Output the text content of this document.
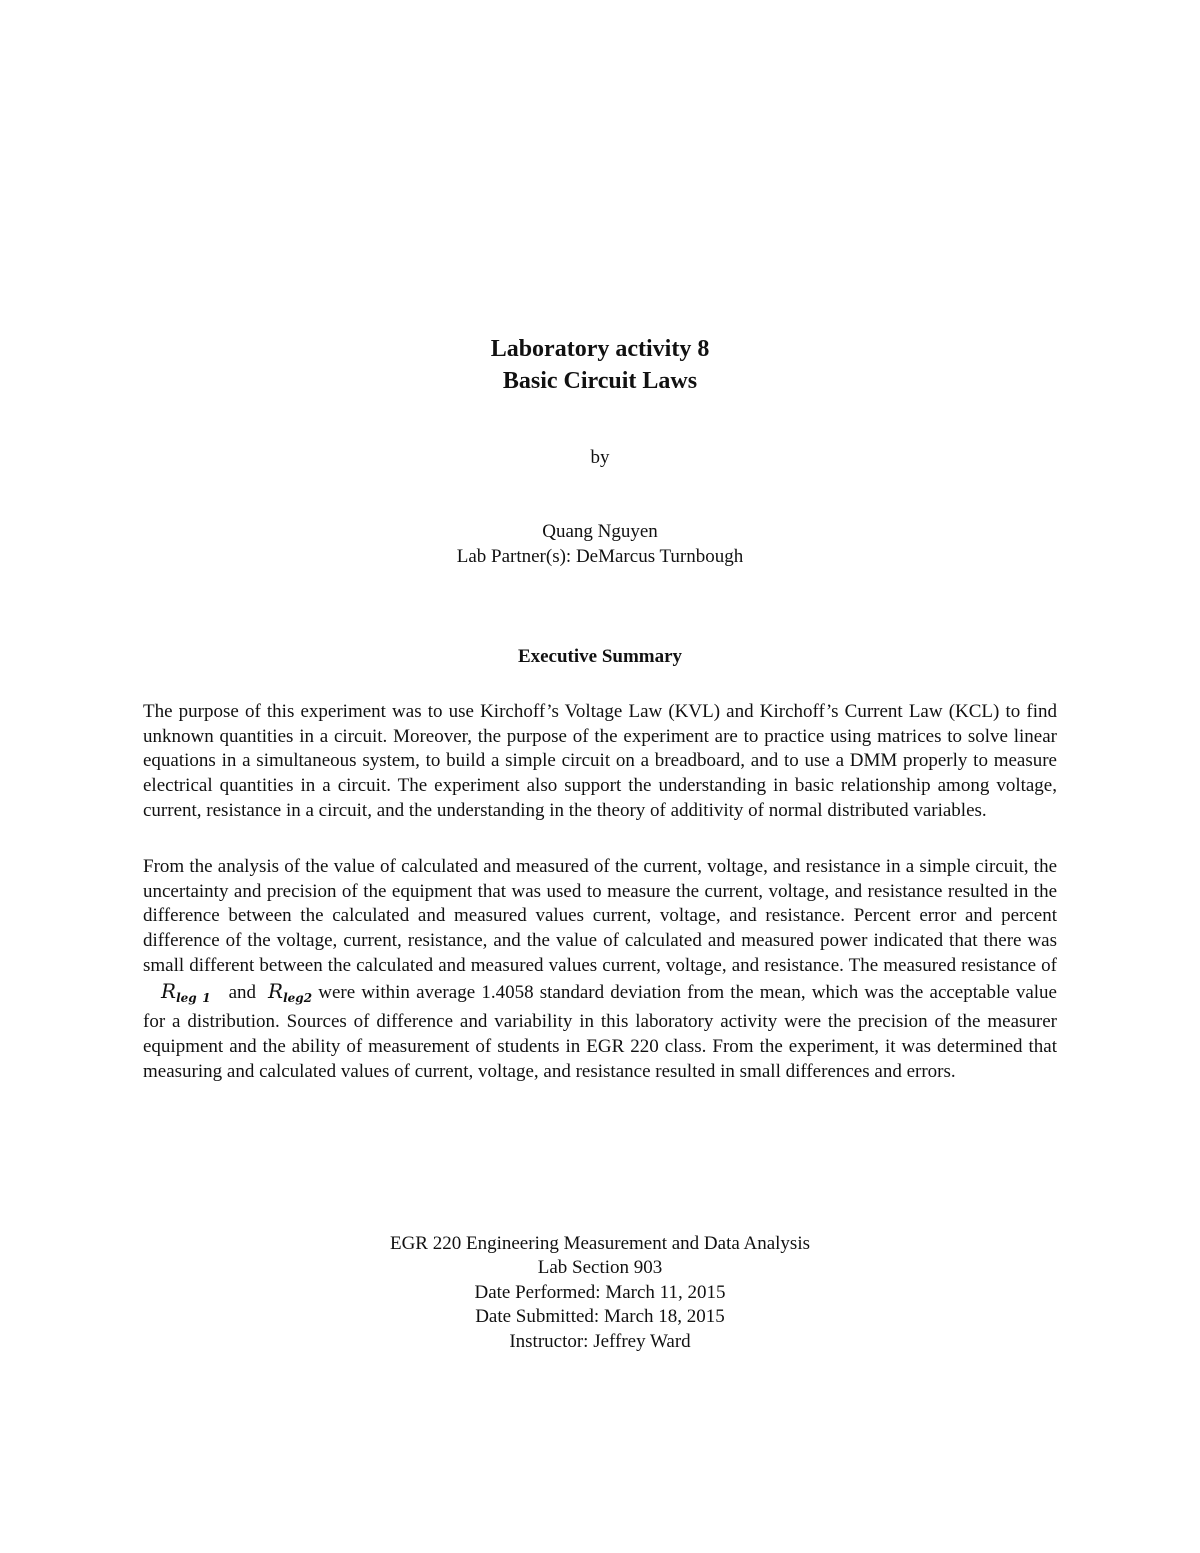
Laboratory activity 8
Basic Circuit Laws
by
Quang Nguyen
Lab Partner(s): DeMarcus Turnbough
Executive Summary

The purpose of this experiment was to use Kirchoff’s Voltage Law (KVL) and Kirchoff’s Current Law (KCL) to find unknown quantities in a circuit. Moreover, the purpose of the experiment are to practice using matrices to solve linear equations in a simultaneous system, to build a simple circuit on a breadboard, and to use a DMM properly to measure electrical quantities in a circuit. The experiment also support the understanding in basic relationship among voltage, current, resistance in a circuit, and the understanding in the theory of additivity of normal distributed variables.

From the analysis of the value of calculated and measured of the current, voltage, and resistance in a simple circuit, the uncertainty and precision of the equipment that was used to measure the current, voltage, and resistance resulted in the difference between the calculated and measured values current, voltage, and resistance. Percent error and percent difference of the voltage, current, resistance, and the value of calculated and measured power indicated that there was small different between the calculated and measured values current, voltage, and resistance. The measured resistance ofR$_{leg 1}$ and $R_{leg2}$ were within average 1.4058 standard deviation from the mean, which was the acceptable value for a distribution. Sources of difference and variability in this laboratory activity were the precision of the measurer equipment and the ability of measurement of students in EGR 220 class. From the experiment, it was determined that measuring and calculated values of current, voltage, and resistance resulted in small differences and errors.

EGR 220 Engineering Measurement and Data Analysis
Lab Section 903
Date Performed: March 11, 2015
Date Submitted: March 18, 2015
Instructor: Jeffrey Ward
